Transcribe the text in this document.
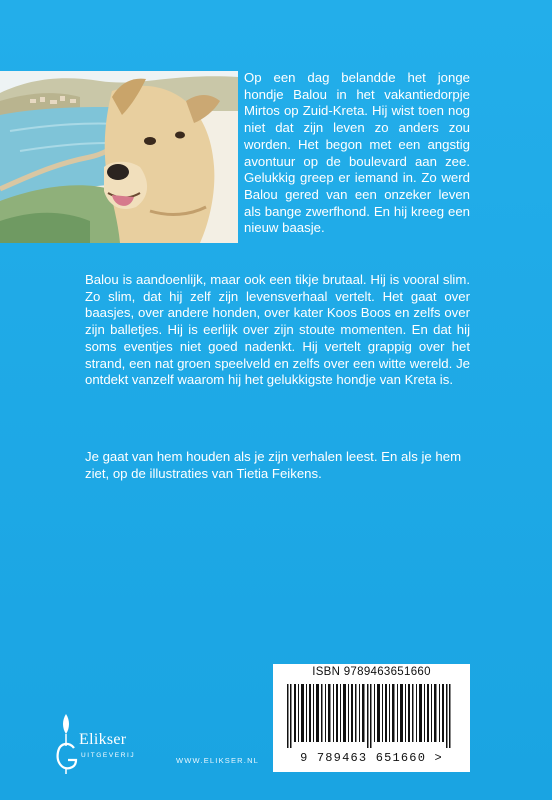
Op een dag belandde het jonge hondje Balou in het vakantiedorpje Mirtos op Zuid-Kreta. Hij wist toen nog niet dat zijn leven zo anders zou worden. Het begon met een angstig avontuur op de boulevard aan zee. Gelukkig greep er iemand in. Zo werd Balou gered van een onzeker leven als bange zwerfhond. En hij kreeg een nieuw baasje.
Balou is aandoenlijk, maar ook een tikje brutaal. Hij is vooral slim. Zo slim, dat hij zelf zijn levensverhaal vertelt. Het gaat over baasjes, over andere honden, over kater Koos Boos en zelfs over zijn balletjes. Hij is eerlijk over zijn stoute momenten. En dat hij soms eventjes niet goed nadenkt. Hij vertelt grappig over het strand, een nat groen speelveld en zelfs over een witte wereld. Je ontdekt vanzelf waarom hij het gelukkigste hondje van Kreta is.
Je gaat van hem houden als je zijn verhalen leest. En als je hem ziet, op de illustraties van Tietia Feikens.
ISBN 9789463651660
9 789463 651660 >
Elikser
UITGEVERIJ
WWW.ELIKSER.NL
